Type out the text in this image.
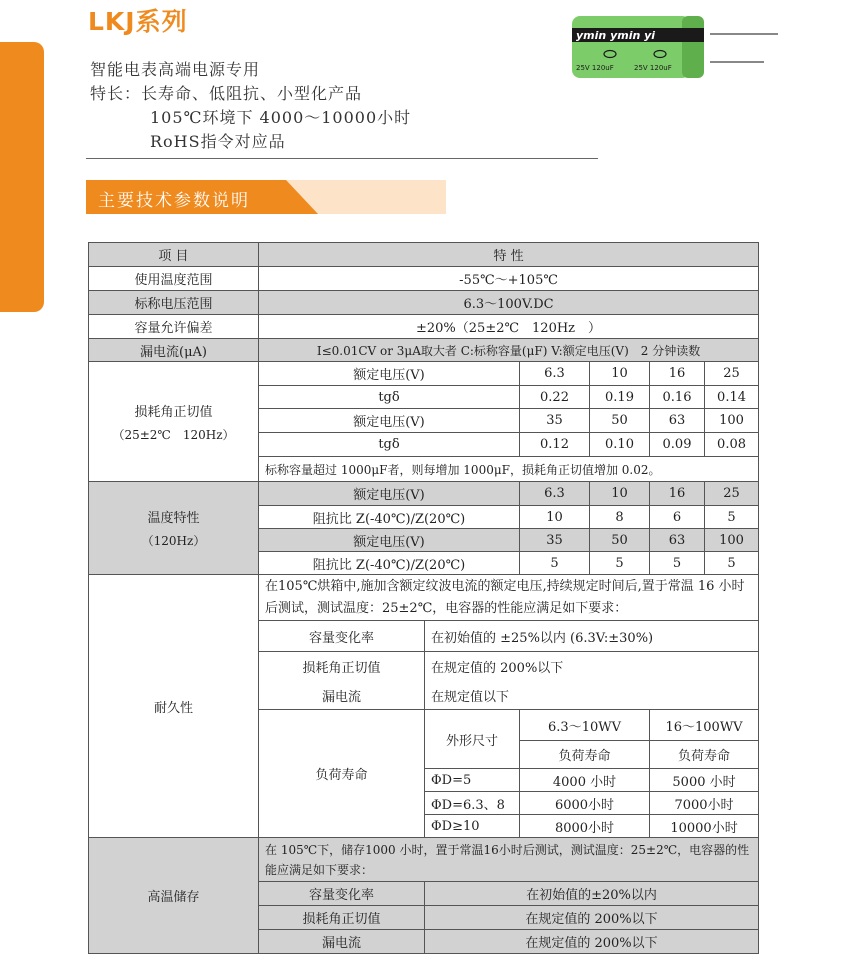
LKJ系列
智能电表高端电源专用
特长：长寿命、低阻抗、小型化产品
105℃环境下 4000～10000小时
RoHS指令对应品
ymin ymin yi
25V 120uF	25V 120uF
主要技术参数说明
项 目	特 性					
使用温度范围	-55℃～+105℃					
标称电压范围	6.3～100V.DC					
容量允许偏差	±20%（25±2℃　120Hz　）					
漏电流(μA)	I≤0.01CV or 3μA取大者 C:标称容量(μF) V:额定电压(V)　2 分钟读数					

损耗角正切值
（25±2℃　120Hz）	额定电压(V)		6.3	10	16	25
	tgδ		0.22	0.19	0.16	0.14
	额定电压(V)		35	50	63	100
	tgδ		0.12	0.10	0.09	0.08
	标称容量超过 1000μF者，则每增加 1000μF，损耗角正切值增加 0.02。					

温度特性
（120Hz）	额定电压(V)		6.3	10	16	25
	阻抗比 Z(-40℃)/Z(20℃)		10	8	6	5
	额定电压(V)		35	50	63	100
	阻抗比 Z(-40℃)/Z(20℃)		5	5	5	5
耐久性	在105℃烘箱中,施加含额定纹波电流的额定电压,持续规定时间后,置于常温 16 小时后测试，测试温度：25±2℃，电容器的性能应满足如下要求：					
	容量变化率	在初始值的 ±25%以内 (6.3V:±30%)				
	损耗角正切值	在规定值的 200%以下				
	漏电流	在规定值以下				
	负荷寿命	外形尺寸	6.3～10WV		16～100WV	
			负荷寿命		负荷寿命	
		ΦD=5	4000 小时		5000 小时	
		ΦD=6.3、8	6000小时		7000小时	
		ΦD≥10	8000小时		10000小时	
高温储存	在 105℃下，储存1000 小时，置于常温16小时后测试，测试温度：25±2℃，电容器的性能应满足如下要求：					
	容量变化率	在初始值的±20%以内				
	损耗角正切值	在规定值的 200%以下				
	漏电流	在规定值的 200%以下				
